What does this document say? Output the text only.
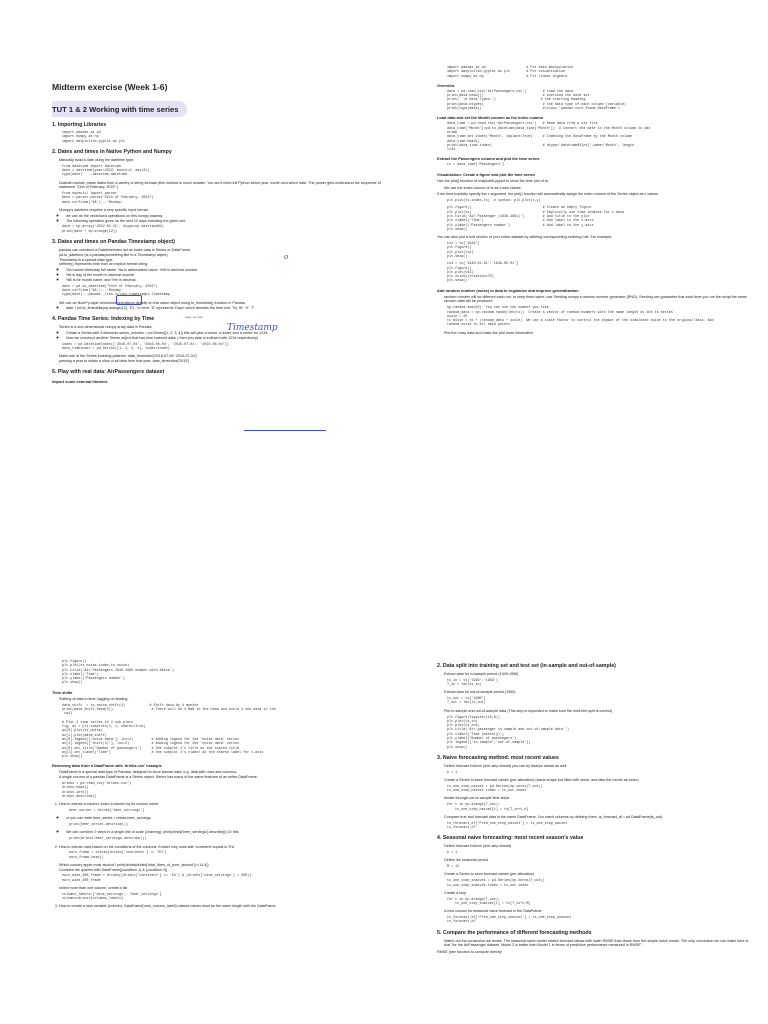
Midterm exercise (Week 1-6)
TUT 1 & 2 Working with time series
1. Importing Libraries
import pandas as pd
import numpy as np
import matplotlib.pyplot as plt
2. Dates and times in Native Python and Numpy
• Manually build a date using the datetime type:
from datetime import datetime
date = datetime(year=2022, month=2, day=21)
type(date)   --datetime.datetime
• Dateutil module, parse dates from a variety of string formats (this method is much smarter. You don't need full Python which year, month and which date. The parser gets understand the sequence of statement "21th of February, 2022".)
from dateutil import parser
date = parser.parse("21th of February, 2022")
date.strftime('%A')---'Monday'
• Numpy's datetime requires a very specific input format.
◦ we can do the vectorized operations on this numpy.ndarray.
◦ The following operation gives us the next 12 days including the given one
date = np.array('2022-02-21', dtype=np.datetime64)
print(date + np.arange(12))
3. Dates and times on Pandas Timestamp object)
• pandas can construct a DatetimeIndex act as index data in Series or DataFrame.
• pd.to_datetime (is a pandas(something like to a Timestamp object)
• Timestamp is a special data type.
• strftime() represents time from an explicit format string.
◦ %A means Weekday full name. %a is abbreviated name. %W in decimal number
◦ %d is day of the month in decimal number
◦ %B is for month name, and %m in decimal.
date = pd.to_datetime("21th of February, 2022")
date.strftime('%A')---'Monday'
type(date)---pandas._libs.tslibs.timestamps.Timestamp
• We can do NumPy-style vectorized operations directly on this same object using to_timedelta() function in Pandas.
◦ date + pd.to_timedelta(np.arange(12), 'D') : \n here, 'D' represents 'Days' which denotes the time unit. Try 'W', 'h', 'T'
4. Pandas Time Series: Indexing by Time
• Series is a one-dimensional numpy array data in Pandas.
◦ Create a Series with 4 elements series_noindex = pd.Series([1, 2, 3, 4]) this will give a vector of index and a vector for 1234.
◦ Now we construct another Series object that has time indexed data: ( then you date is indexed with 1234 respectively)
index = pd.DatetimeIndex(['2016-07-04', '2016-08-04', '2015-07-04', '2015-08-04'])
date_timeindex = pd.Series([1, 2, 3, 4], index=index)
• Make use of the Series indexing patterns: date_timeindex['2016-07-04':'2015-07-04']
• passing a year to obtain a slice of all data from that year: date_timeindex['2015']
5. Play with real data: AirPassengers dataset
Import some external libraries
easy access
Timestamp
o
import pandas as pd                    # For data manipulation
import matplotlib.pyplot as plt        # For visualization
import numpy as np                     # For linear algebra
Overview
data = pd.read_csv('AirPassengers.csv')        # load the data
print(data.head())                             # overview the data set
print(' \n Data Types:')                      # the starting heading
print(data.dtypes)                             # the data type of each column (variable)
print(type(data))                              #<class 'pandas.core.frame.DataFrame'>
Load data and set the Month column as the index column
data_time = pd.read_csv('AirPassengers.csv')   # Read data from a csv file
data_time['Month']=pd.to_datetime(data_time['Month'])  # Convert the date in the Month column to dat
etime
data_time.set_index('Month', inplace=True)     # Indexing the DataFrame by the Month column
data_time.head()
print(data_time.index)                         # dtype='datetime64[ns]',name='Month', length
=144
Extract the Passengers column and plot the time series
ts = data_time['Passengers']
Visualization: Create a figure and plot the time series

Use the plot() function of matplotlib.pyplot to show the time plot of ts.

• We use the index column of ts as x-axis values.

If we dont explicitly specify the x argument, the plot() function will automatically assign the index column of the Series object as x values.

plt.plot(ts.index,ts)  # syntax: plt.plot(x,y)
plt.figure()                                   # Create an empty figure
plt.plot(ts)                                   # Implicitly use time indexes for x data
plt.title('Air Passenger (1949-1961)')         # Add title to the plot
plt.xlabel('Time')                             # Add label to the x-axis
plt.ylabel('Passengers number')                # Add label to the y-axis
plt.show()

You can also plot a sub section of your entire dataset by defining corresponding indexing rule. For example:

ts2 = ts['1949']
plt.figure()
plt.plot(ts2)
plt.show()
ts3 = ts['1949-01-01':'1949-05-01']
plt.figure()
plt.plot(ts3)
plt.xticks(rotation=75)
plt.show()
Add random number (noise) to data to regularize and improve generalization
• random number will be different each run. to keep them same, use Seeding numpy's random number generator (RNG). Seeding can guarantee that each time you run the script the same random data will be produced
np.random.seed(0)  You can use the number you like
random_data = np.random.randn(len(ts))  Create a vector of random numbers with the same length as the ts series
scale = 20
ts_noise = ts + (random_data * scale)  We use a scale factor to control the impact of the simulated noise to the original data. Add
random noise to all data points
• Plot the noisy data and make the plot more informative
plt.figure()
plt.plot(ts_noise.index,ts_noise)
plt.title('Air Passengers 1949-1960 number with Noise')
plt.xlabel('Time')
plt.ylabel('Passengers number')
plt.show()
Time shifts
• Shifting of data in time, lagging on leading.
data_shift  = ts_noise.shift(4)            # Shift data by 4 months
print(data_shift.head(5))                   # There will be 4 NaN in the head and extra 4 new data in the
tail

# Plot 2 time series in 2 sub plots
fig, ax = plt.subplots(2, 1, sharex=True)
ax[0].plot(ts_noise)
ax[1].plot(data_shift)
ax[0].legend(['noise data'], loc=2)         # Adding legend for the 'noise data' series
ax[1].legend(['shift(4)'], loc=2)           # Adding legend for the 'noise data' series
ax[0].set_title('Number of passengers')     # One subplot 1's title as the shared title
ax[1].set_xlabel('Time')                    # One subplot 2's xlabel as the shared label for x-axis
plt.show()
Removing data from a DataFrame with 'drinks.csv' example
• DataFrame is a special data type of Pandas, designed to store tabular data, e.g. data with rows and columns.
• A single column of a pandas DataFrame is a Series object. Series has many of the same features of an entire DataFrame.
drinks = pd.read_csv('drinks.csv')
drinks.head()
drinks.info()
drinks.describe()
1. How to extract a column: index a column by its column name.
beer_series = drinks['beer_servings']
◦ or you can write beer_series = drinks.beer_servings
print(beer_series.describe())
◦ We can combine 2 steps in a single line of code (chaining): print(drinks['beer_servings'].describe()) Or this
print(drinks.beer_servings.describe())
2. How to extract rows based on the conditions of the columns: Extract only rows with 'continent' equals to 'EU'
euro_frame = drinks[drinks['continent'] == 'EU']
euro_frame.head()
• Which country apple most alcohol? print(drinks[drinks['total_litres_of_pure_alcohol']==14.4])
• Combine the queries with DataFrame[(condition 1) & (condition 2)]
euro_wine_300_frame = drinks[(drinks['continent'] == 'EU') & (drinks['wine_servings'] > 300)]
euro_wine_300_frame
• select more than one column, create a list
columns_labels=['wine_servings', 'beer_servings']
columns=drinks[columns_labels]
3. How to create a new variable (column): DataFrame['new_column_label']=values values must be the same length with the DataFrame
2. Data split into training set and test set (in-sample and out-of-sample)
• Extract data for in-sample period (1949-1959)
ts_in = ts['1949':'1959']
T_in = len(ts_in)
• Extract data for out-of-sample period (1960)
ts_out = ts['1960']
T_out = len(ts_out)
• Plot in-sample and out-of-sample data (This step is important to make sure the hold-feel split is correct)
plt.figure(figsize=(15,6))
plt.plot(ts_in)
plt.plot(ts_out)
plt.title('Air passenger in-sample and out-of-sample data ')
plt.xlabel('Time (monthly)')
plt.ylabel('Number of passengers')
plt.legend(['in-sample','out-of-sample'])
plt.show()
3. Naive forecasting method: most recent values
• Define forecast horizon (one-step ahead) you can try ikstepo ahead as well
h = 1
• Create a Series to store forecast values (pre-allocation) (same shape but filled with zeros, and take the month as index)
ts_one_step_naive1 = pd.Series(np.zeros(T_out))
ts_one_step_naive1.index = ts_out.index
• Iterate through out-of-sample time steps
for t in np.arange(T_out):
ts_one_step_naive1[t] = ts[T_in+t-h]
• Compare true and forecast data in the same DataFrame. You insert columns by defining them. ts_forecast_df = pd.DataFrame(ts_out)
ts_forecast_df['Pred_one_step_naive1'] = ts_one_step_naive1
ts_forecast_df
4. Seasonal naive forecasting: most recent season's value
• Define forecast horizon (one-step ahead)
h = 1
• Define the seasonal period
M = 12
• Create a Series to store forecast values (pre-allocation)
ts_one_step_snaive1 = pd.Series(np.zeros(T_out))
ts_one_step_snaive1.index = ts_out.index
• Create a loop
for t in np.arange(T_out):
ts_one_step_snaive1[t] = ts[T_in+t-M]
• A new column for seasonal naive forecast in the DataFrame
ts_forecast_df['Pred_one_step_snaive1'] = ts_one_step_snaive1
ts_forecast_df
5. Compare the performance of different forecasting methods
• Watch out the conclusion we revise. The seasonal naive model makes forecast values with lower RMSE than those from the simple naive model. The only conclusion we can make here is that "for the AirPassenger dataset, Model 2 is better than Model 1 in terms of predictive performance measured in RMSE".

RMSE (see function to compute directly
